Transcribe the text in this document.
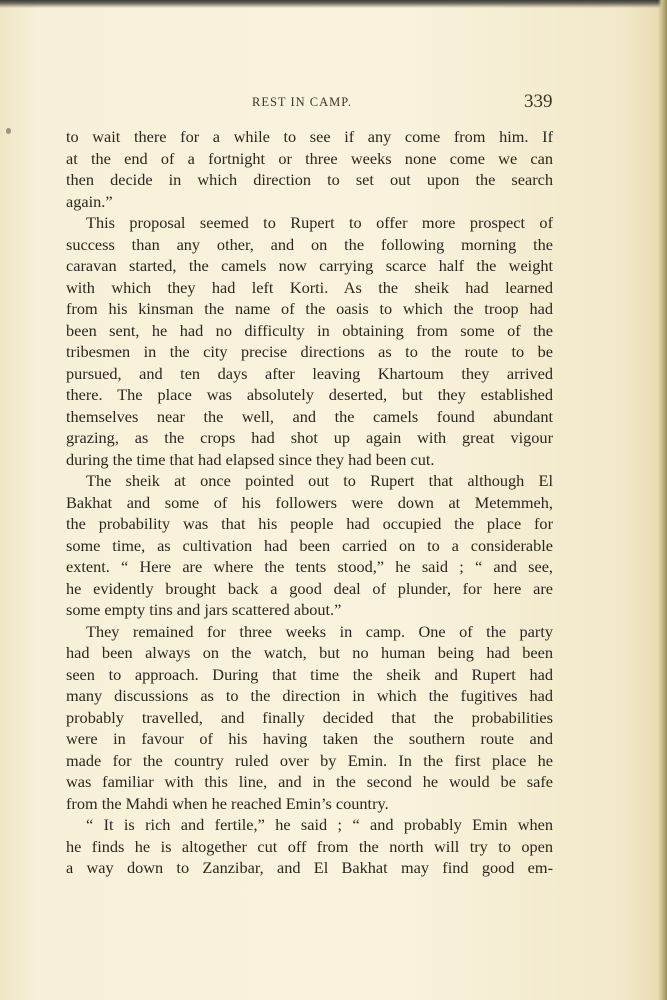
REST IN CAMP.	339
to wait there for a while to see if any come from him. If
at the end of a fortnight or three weeks none come we can
then decide in which direction to set out upon the search
again.”
This proposal seemed to Rupert to offer more prospect of
success than any other, and on the following morning the
caravan started, the camels now carrying scarce half the weight
with which they had left Korti. As the sheik had learned
from his kinsman the name of the oasis to which the troop had
been sent, he had no difficulty in obtaining from some of the
tribesmen in the city precise directions as to the route to be
pursued, and ten days after leaving Khartoum they arrived
there. The place was absolutely deserted, but they established
themselves near the well, and the camels found abundant
grazing, as the crops had shot up again with great vigour
during the time that had elapsed since they had been cut.
The sheik at once pointed out to Rupert that although El
Bakhat and some of his followers were down at Metemmeh,
the probability was that his people had occupied the place for
some time, as cultivation had been carried on to a considerable
extent. “ Here are where the tents stood,” he said ; “ and see,
he evidently brought back a good deal of plunder, for here are
some empty tins and jars scattered about.”
They remained for three weeks in camp. One of the party
had been always on the watch, but no human being had been
seen to approach. During that time the sheik and Rupert had
many discussions as to the direction in which the fugitives had
probably travelled, and finally decided that the probabilities
were in favour of his having taken the southern route and
made for the country ruled over by Emin. In the first place he
was familiar with this line, and in the second he would be safe
from the Mahdi when he reached Emin’s country.
“ It is rich and fertile,” he said ; “ and probably Emin when
he finds he is altogether cut off from the north will try to open
a way down to Zanzibar, and El Bakhat may find good em-
